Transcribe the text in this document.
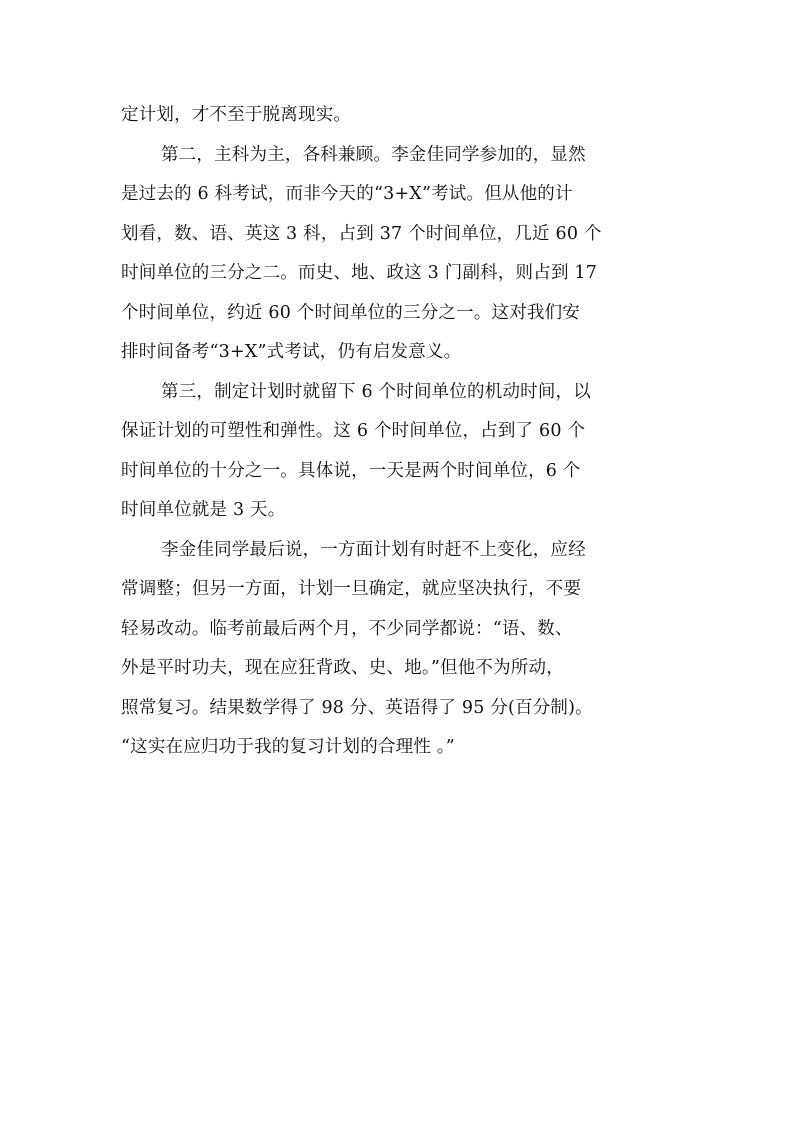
定计划，才不至于脱离现实。
第二，主科为主，各科兼顾。李金佳同学参加的，显然
是过去的 6 科考试，而非今天的“3+X”考试。但从他的计
划看，数、语、英这 3 科，占到 37 个时间单位，几近 60 个
时间单位的三分之二。而史、地、政这 3 门副科，则占到 17
个时间单位，约近 60 个时间单位的三分之一。这对我们安
排时间备考“3+X”式考试，仍有启发意义。
第三，制定计划时就留下 6 个时间单位的机动时间，以
保证计划的可塑性和弹性。这 6 个时间单位，占到了 60 个
时间单位的十分之一。具体说，一天是两个时间单位，6 个
时间单位就是 3 天。
李金佳同学最后说，一方面计划有时赶不上变化，应经
常调整；但另一方面，计划一旦确定，就应坚决执行，不要
轻易改动。临考前最后两个月，不少同学都说：“语、数、
外是平时功夫，现在应狂背政、史、地。”但他不为所动，
照常复习。结果数学得了 98 分、英语得了 95 分(百分制)。
“这实在应归功于我的复习计划的合理性 。”
